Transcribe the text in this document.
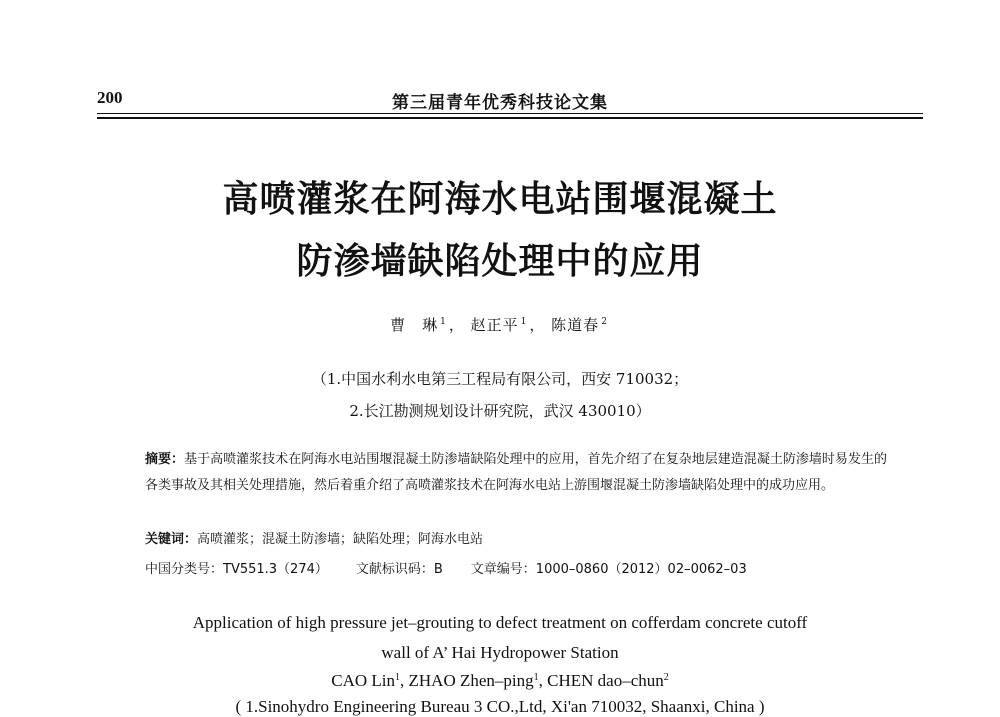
200	第三届青年优秀科技论文集
高喷灌浆在阿海水电站围堰混凝土
防渗墙缺陷处理中的应用
曹　琳 $^1$ ， 赵正平 $^1$ ， 陈道春 $^2$
（1.中国水利水电第三工程局有限公司，西安 710032；
2.长江勘测规划设计研究院，武汉 430010）
摘要：基于高喷灌浆技术在阿海水电站围堰混凝土防渗墙缺陷处理中的应用，首先介绍了在复杂地层建造混凝土防渗墙时易发生的各类事故及其相关处理措施，然后着重介绍了高喷灌浆技术在阿海水电站上游围堰混凝土防渗墙缺陷处理中的成功应用。
关键词：高喷灌浆；混凝土防渗墙；缺陷处理；阿海水电站
中国分类号：TV551.3（274） 文献标识码：B 文章编号：1000–0860（2012）02–0062–03
Application of high pressure jet–grouting to defect treatment on cofferdam concrete cutoff
wall of A’ Hai Hydropower Station
CAO Lin$^1$, ZHAO Zhen–ping$^1$, CHEN dao–chun$^2$
( 1.Sinohydro Engineering Bureau 3 CO.,Ltd, Xi'an 710032, Shaanxi, China )
